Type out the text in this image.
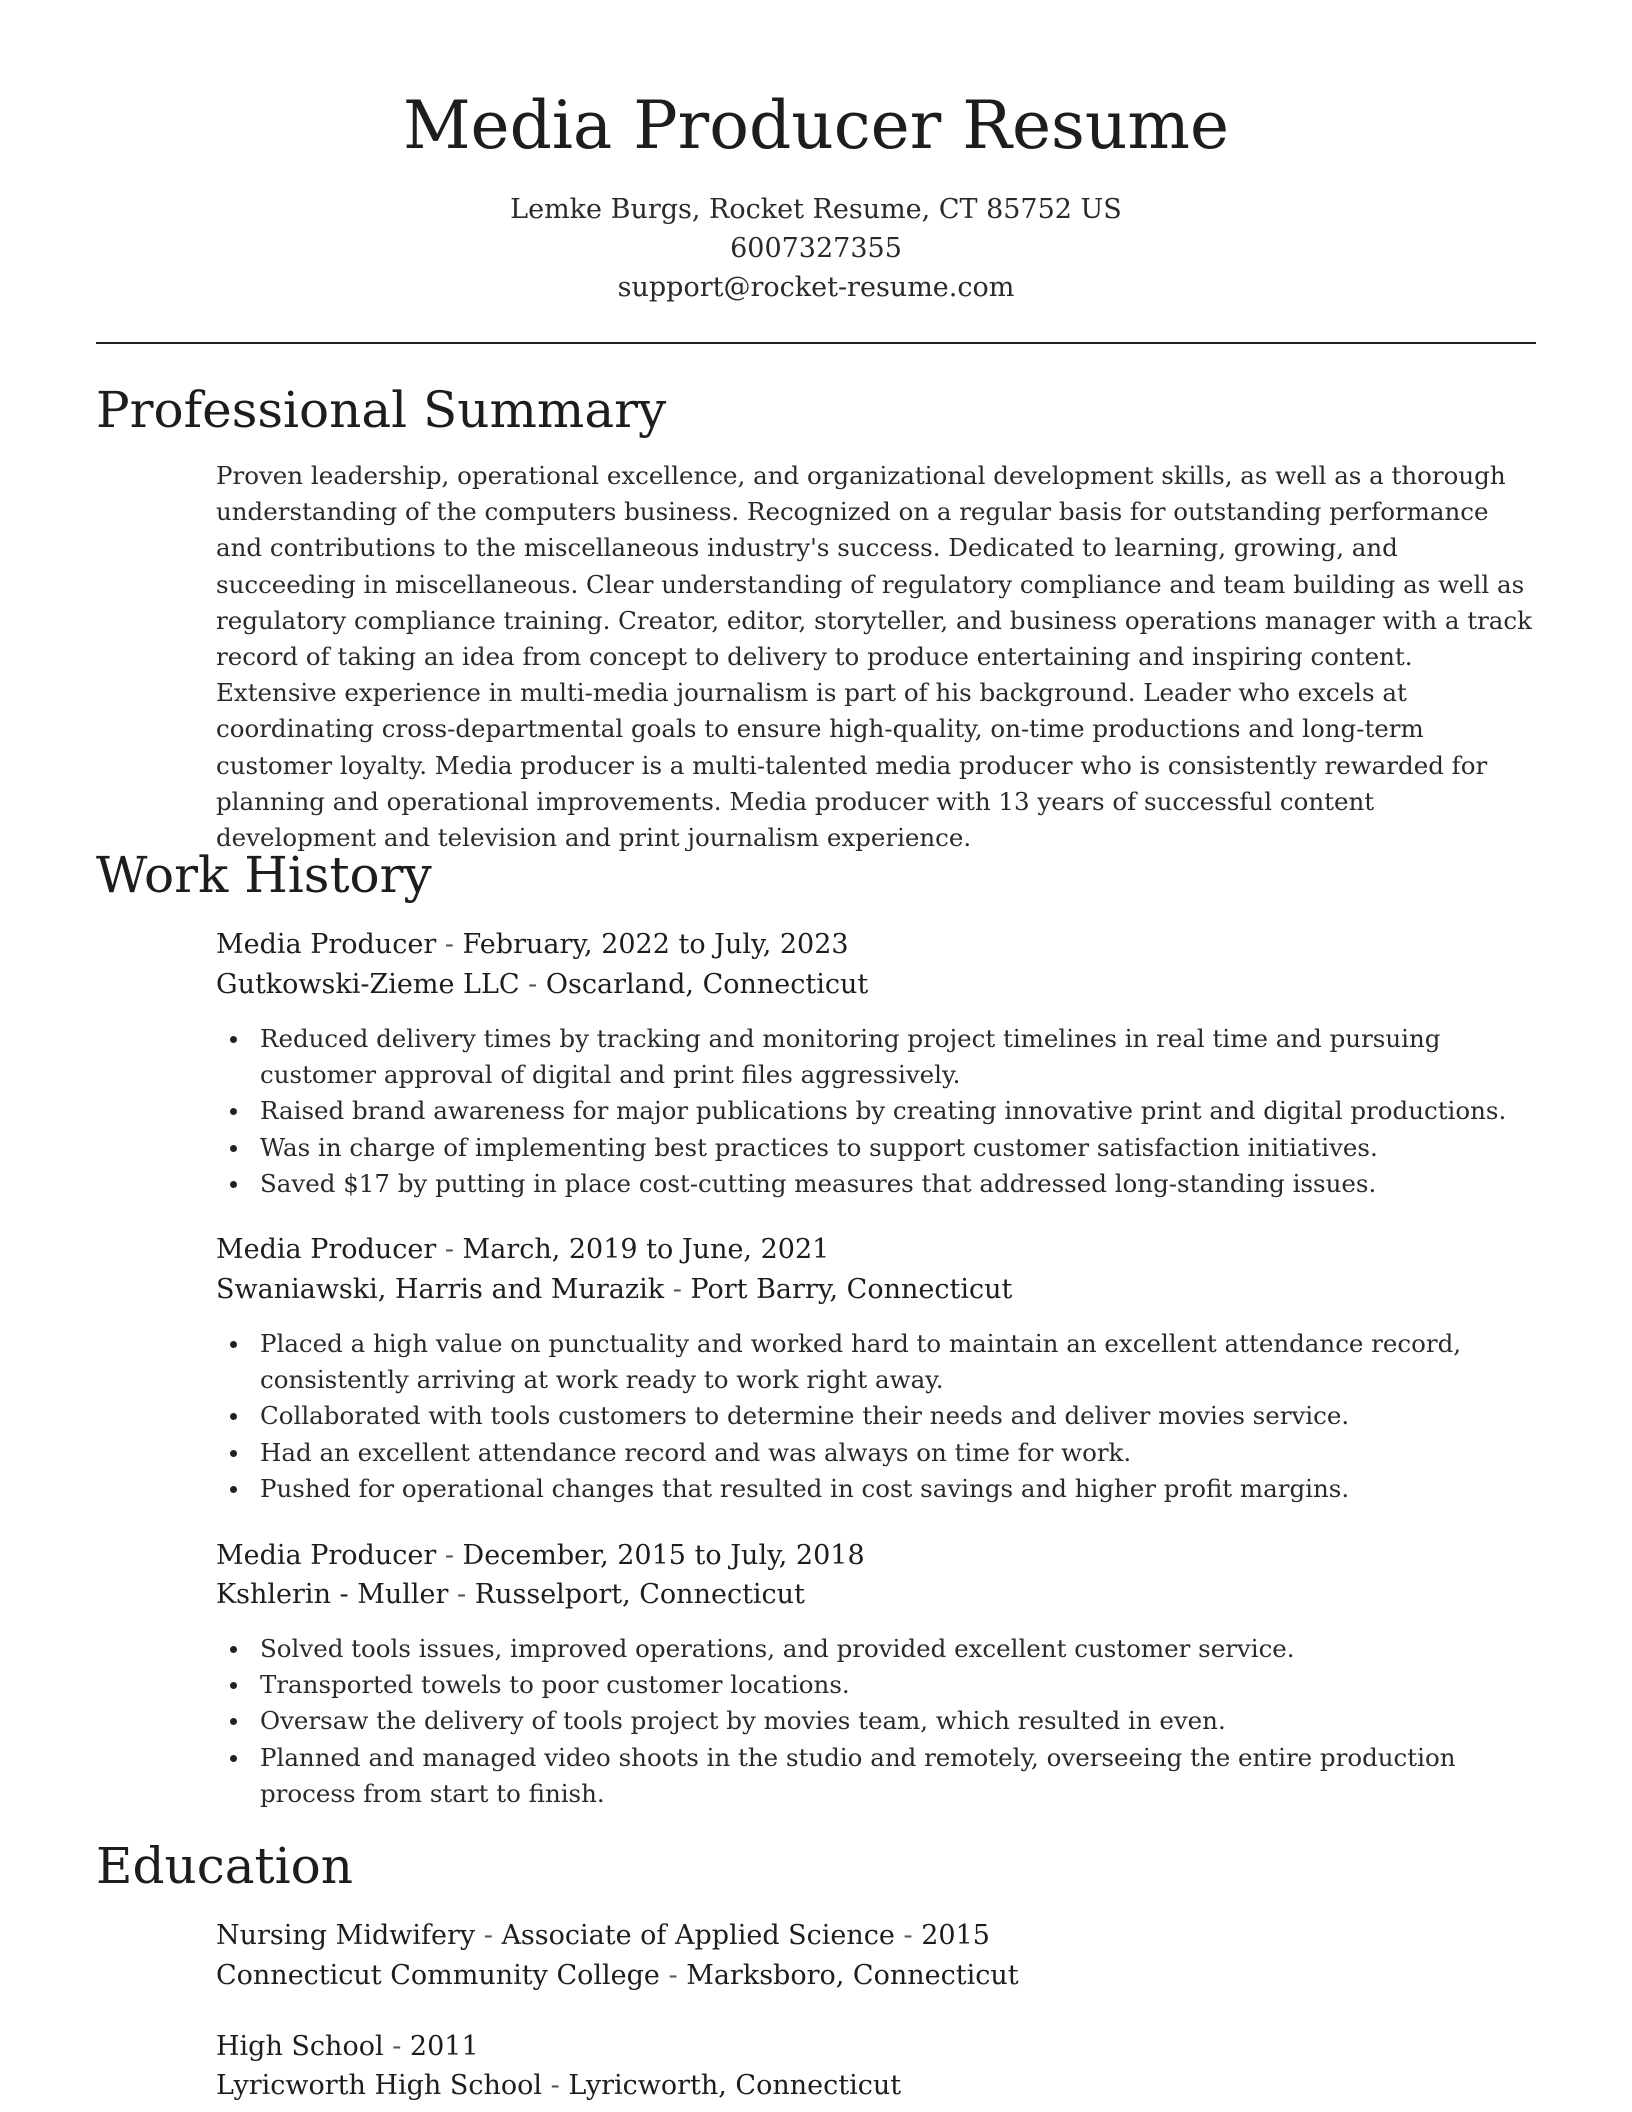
Media Producer Resume
Lemke Burgs, Rocket Resume, CT 85752 US
6007327355
support@rocket-resume.com
Professional Summary

Proven leadership, operational excellence, and organizational development skills, as well as a thorough understanding of the computers business. Recognized on a regular basis for outstanding performance and contributions to the miscellaneous industry's success. Dedicated to learning, growing, and succeeding in miscellaneous. Clear understanding of regulatory compliance and team building as well as regulatory compliance training. Creator, editor, storyteller, and business operations manager with a track record of taking an idea from concept to delivery to produce entertaining and inspiring content. Extensive experience in multi-media journalism is part of his background. Leader who excels at coordinating cross-departmental goals to ensure high-quality, on-time productions and long-term customer loyalty. Media producer is a multi-talented media producer who is consistently rewarded for planning and operational improvements. Media producer with 13 years of successful content development and television and print journalism experience.

Work History
Media Producer - February, 2022 to July, 2023
Gutkowski-Zieme LLC - Oscarland, Connecticut
Reduced delivery times by tracking and monitoring project timelines in real time and pursuing customer approval of digital and print files aggressively.
Raised brand awareness for major publications by creating innovative print and digital productions.
Was in charge of implementing best practices to support customer satisfaction initiatives.
Saved $17 by putting in place cost-cutting measures that addressed long-standing issues.
Media Producer - March, 2019 to June, 2021
Swaniawski, Harris and Murazik - Port Barry, Connecticut
Placed a high value on punctuality and worked hard to maintain an excellent attendance record, consistently arriving at work ready to work right away.
Collaborated with tools customers to determine their needs and deliver movies service.
Had an excellent attendance record and was always on time for work.
Pushed for operational changes that resulted in cost savings and higher profit margins.
Media Producer - December, 2015 to July, 2018
Kshlerin - Muller - Russelport, Connecticut
Solved tools issues, improved operations, and provided excellent customer service.
Transported towels to poor customer locations.
Oversaw the delivery of tools project by movies team, which resulted in even.
Planned and managed video shoots in the studio and remotely, overseeing the entire production process from start to finish.
Education
Nursing Midwifery - Associate of Applied Science - 2015
Connecticut Community College - Marksboro, Connecticut
High School - 2011
Lyricworth High School - Lyricworth, Connecticut
